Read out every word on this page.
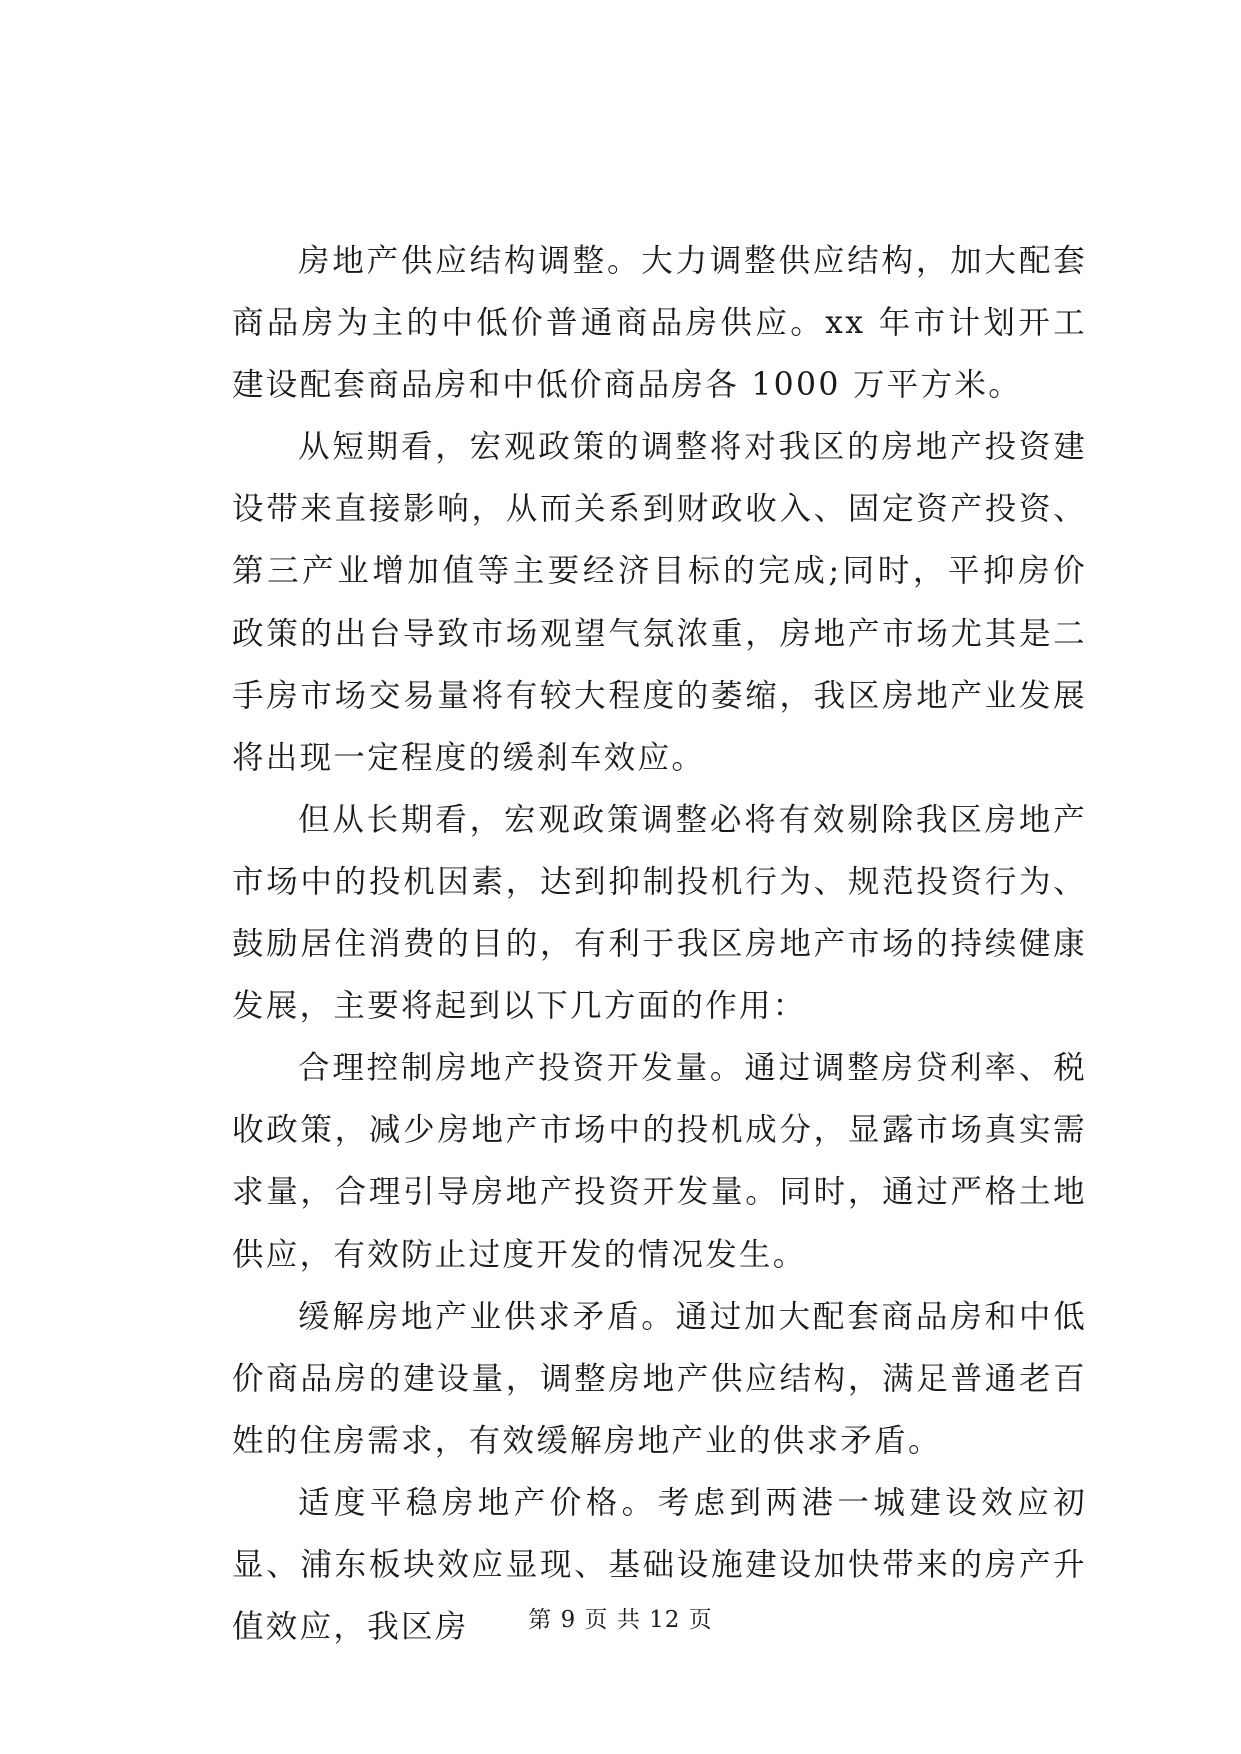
房地产供应结构调整。大力调整供应结构，加大配套商品房为主的中低价普通商品房供应。xx 年市计划开工建设配套商品房和中低价商品房各 1000 万平方米。

从短期看，宏观政策的调整将对我区的房地产投资建设带来直接影响，从而关系到财政收入、固定资产投资、第三产业增加值等主要经济目标的完成;同时，平抑房价政策的出台导致市场观望气氛浓重，房地产市场尤其是二手房市场交易量将有较大程度的萎缩，我区房地产业发展将出现一定程度的缓刹车效应。

但从长期看，宏观政策调整必将有效剔除我区房地产市场中的投机因素，达到抑制投机行为、规范投资行为、鼓励居住消费的目的，有利于我区房地产市场的持续健康发展，主要将起到以下几方面的作用：

合理控制房地产投资开发量。通过调整房贷利率、税收政策，减少房地产市场中的投机成分，显露市场真实需求量，合理引导房地产投资开发量。同时，通过严格土地供应，有效防止过度开发的情况发生。

缓解房地产业供求矛盾。通过加大配套商品房和中低价商品房的建设量，调整房地产供应结构，满足普通老百姓的住房需求，有效缓解房地产业的供求矛盾。

适度平稳房地产价格。考虑到两港一城建设效应初显、浦东板块效应显现、基础设施建设加快带来的房产升值效应，我区房	第 9 页 共 12 页
